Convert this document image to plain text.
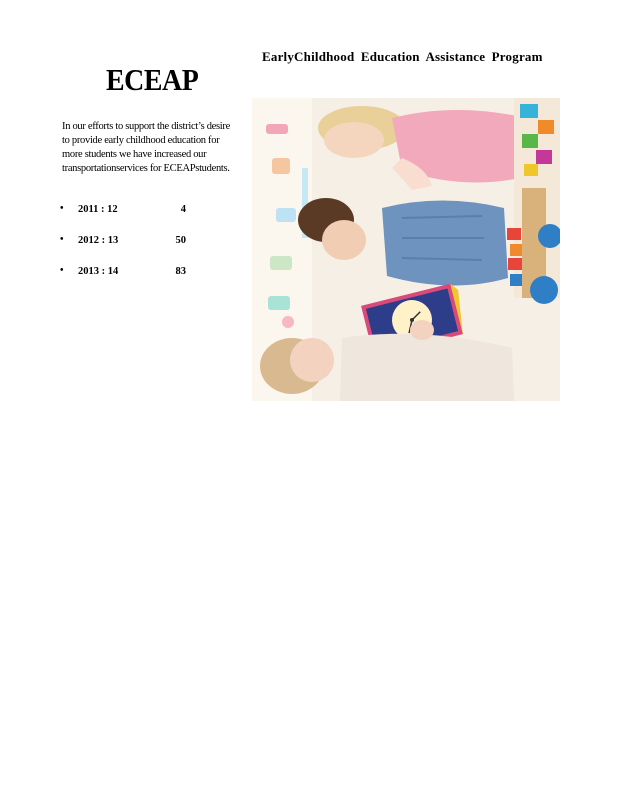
EarlyChildhood Education Assistance Program
ECEAP
In our efforts to support the district’s desire to provide early childhood education for more students we have increased our transportationservices for ECEAPstudents.
• 2011 : 12	4
• 2012 : 13	50
• 2013 : 14	83
